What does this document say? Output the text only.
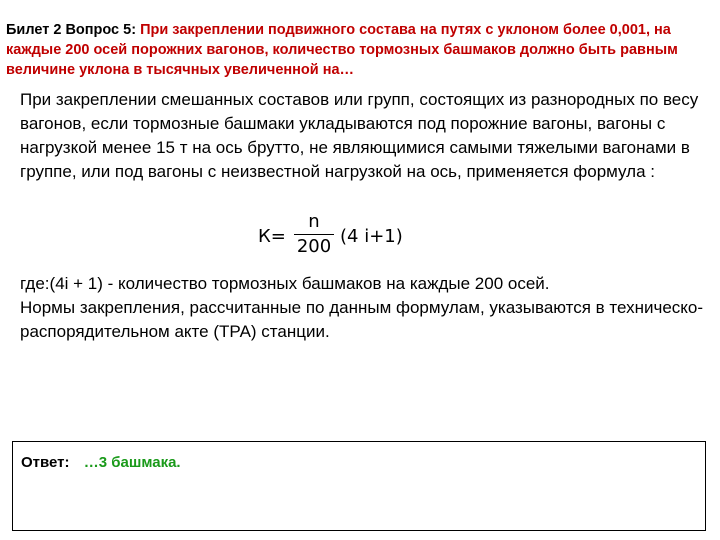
Билет 2 Вопрос 5: При закреплении подвижного состава на путях с уклоном более 0,001, на каждые 200 осей порожних вагонов, количество тормозных башмаков должно быть равным величине уклона в тысячных увеличенной на…
При закреплении смешанных составов или групп, состоящих из разнородных по весу вагонов, если тормозные башмаки укладываются под порожние вагоны, вагоны с нагрузкой менее 15 т на ось брутто, не являющимися самыми тяжелыми вагонами в группе, или под вагоны с неизвестной нагрузкой на ось, применяется формула :
К=
n
200 (4 i+1)
где:(4i + 1) - количество тормозных башмаков на каждые 200 осей.
Нормы закрепления, рассчитанные по данным формулам, указываются в техническо-распорядительном акте (ТРА) станции.
Ответ: …3 башмака.
